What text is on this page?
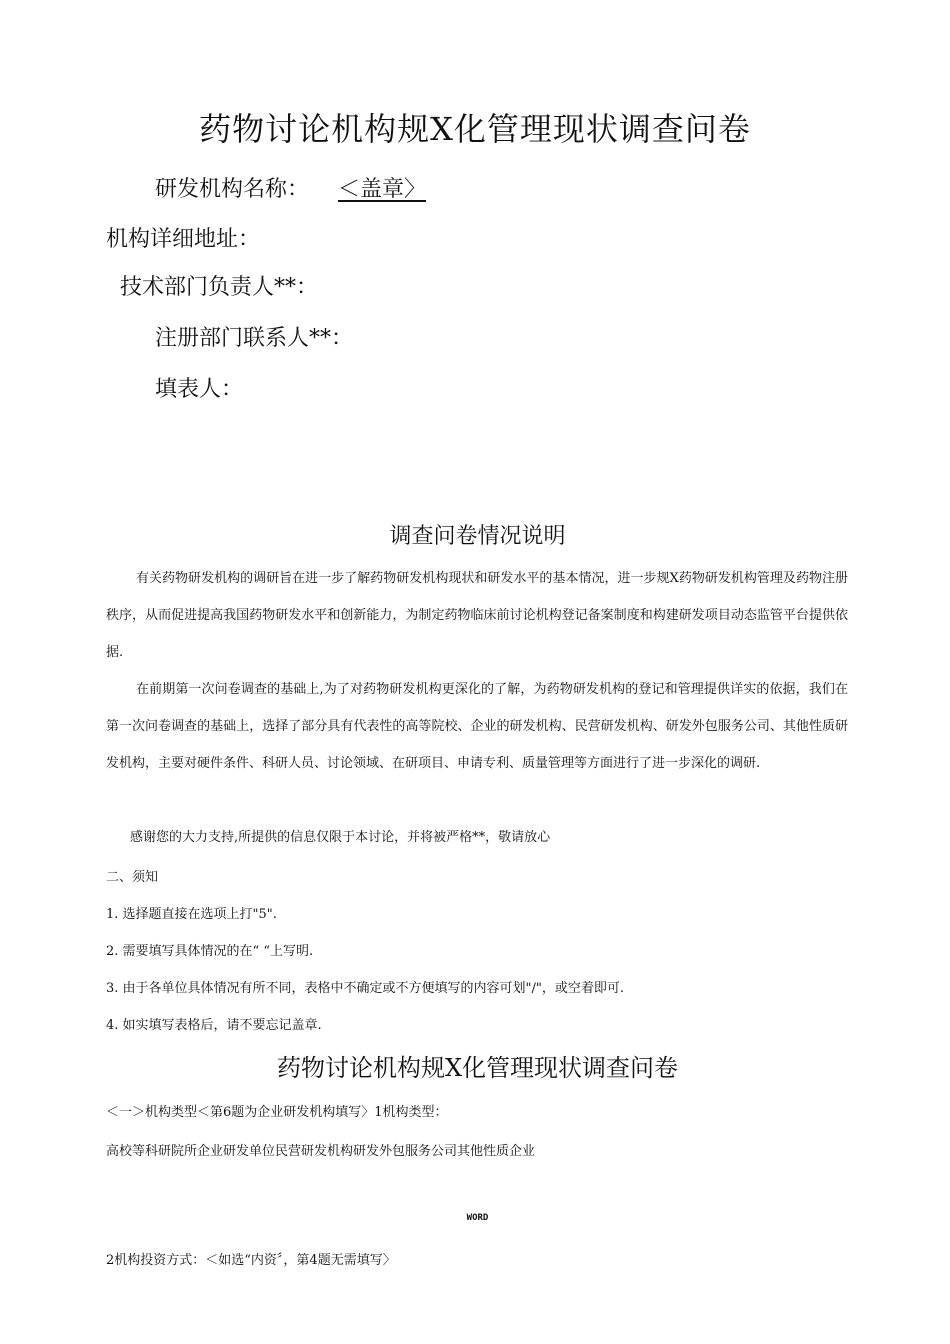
药物讨论机构规X化管理现状调查问卷
研发机构名称： ＜盖章〉
机构详细地址：
技术部门负责人**：
注册部门联系人**：
填表人：
调查问卷情况说明

有关药物研发机构的调研旨在进一步了解药物研发机构现状和研发水平的基本情况，进一步规X药物研发机构管理及药物注册秩序，从而促进提高我国药物研发水平和创新能力，为制定药物临床前讨论机构登记备案制度和构建研发项目动态监管平台提供依据.

在前期第一次问卷调查的基础上,为了对药物研发机构更深化的了解，为药物研发机构的登记和管理提供详实的依据，我们在第一次问卷调查的基础上，选择了部分具有代表性的高等院校、企业的研发机构、民营研发机构、研发外包服务公司、其他性质研发机构，主要对硬件条件、科研人员、讨论领域、在研项目、申请专利、质量管理等方面进行了进一步深化的调研.

感谢您的大力支持,所提供的信息仅限于本讨论，并将被严格**，敬请放心

二、须知
1. 选择题直接在选项上打"5".
2. 需要填写具体情况的在“ “上写明.
3. 由于各单位具体情况有所不同，表格中不确定或不方便填写的内容可划"/"，或空着即可.
4. 如实填写表格后，请不要忘记盖章.
药物讨论机构规X化管理现状调查问卷
＜一＞机构类型＜第6题为企业研发机构填写〉1机构类型：
高校等科研院所企业研发单位民营研发机构研发外包服务公司其他性质企业
WORD
2机构投资方式：＜如选“内资〞，第4题无需填写〉
